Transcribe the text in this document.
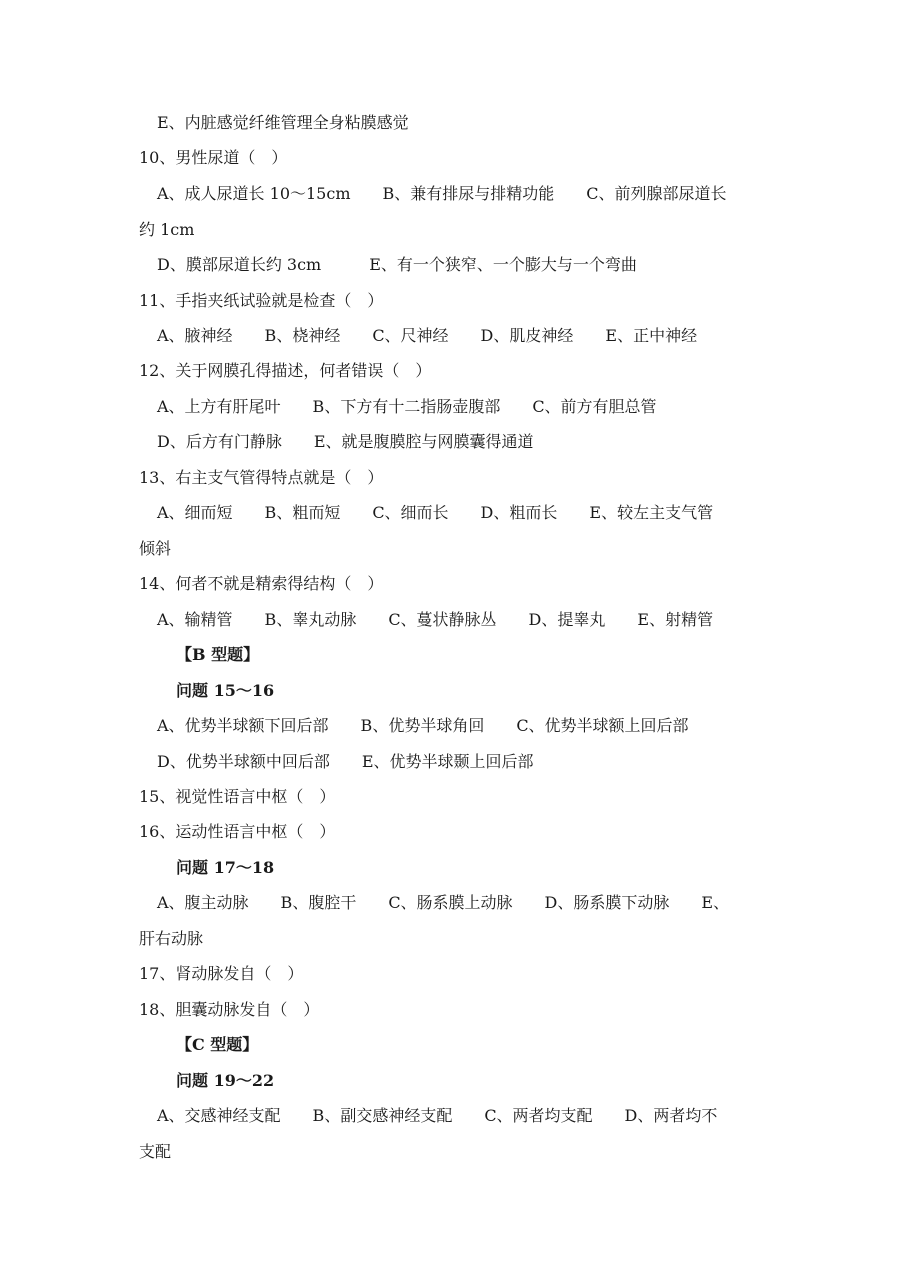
E、内脏感觉纤维管理全身粘膜感觉
10、男性尿道（　）
A、成人尿道长 10～15cm　　B、兼有排尿与排精功能　　C、前列腺部尿道长
约 1cm
D、膜部尿道长约 3cm　　　E、有一个狭窄、一个膨大与一个弯曲
11、手指夹纸试验就是检查（　）
A、腋神经　　B、桡神经　　C、尺神经　　D、肌皮神经　　E、正中神经
12、关于网膜孔得描述，何者错误（　）
A、上方有肝尾叶　　B、下方有十二指肠壶腹部　　C、前方有胆总管
D、后方有门静脉　　E、就是腹膜腔与网膜囊得通道
13、右主支气管得特点就是（　）
A、细而短　　B、粗而短　　C、细而长　　D、粗而长　　E、较左主支气管
倾斜
14、何者不就是精索得结构（　）
A、输精管　　B、睾丸动脉　　C、蔓状静脉丛　　D、提睾丸　　E、射精管
【B 型题】
问题 15～16
A、优势半球额下回后部　　B、优势半球角回　　C、优势半球额上回后部
D、优势半球额中回后部　　E、优势半球颞上回后部
15、视觉性语言中枢（　）
16、运动性语言中枢（　）
问题 17～18
A、腹主动脉　　B、腹腔干　　C、肠系膜上动脉　　D、肠系膜下动脉　　E、
肝右动脉
17、肾动脉发自（　）
18、胆囊动脉发自（　）
【C 型题】
问题 19～22
A、交感神经支配　　B、副交感神经支配　　C、两者均支配　　D、两者均不
支配
